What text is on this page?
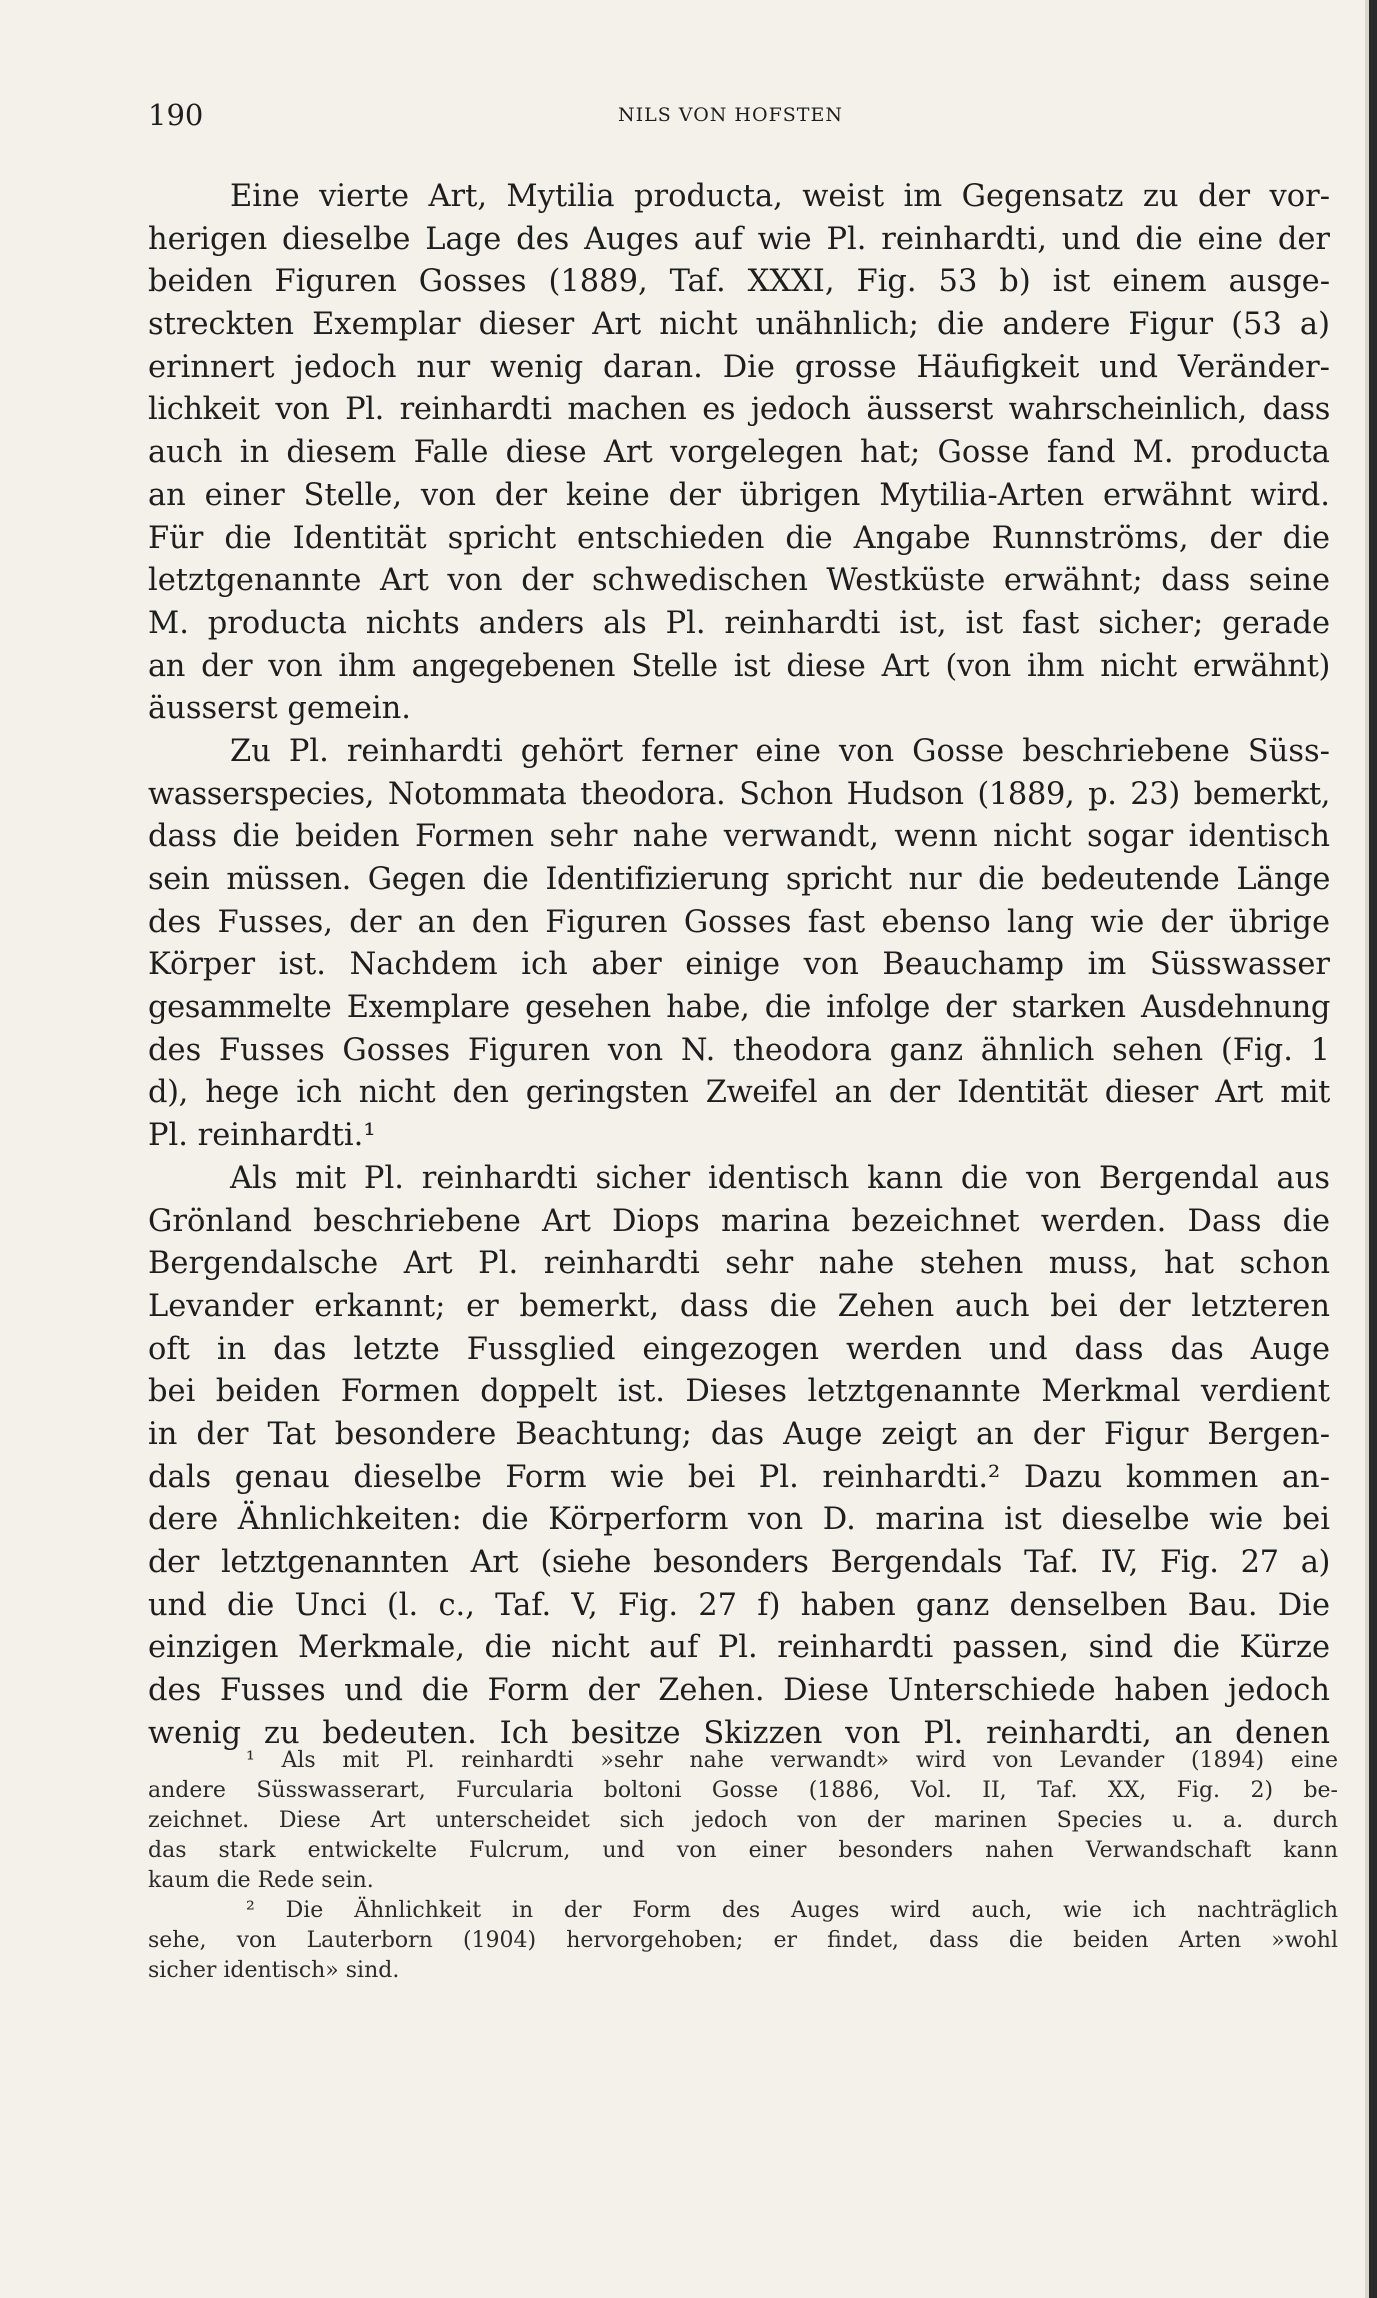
190	NILS VON HOFSTEN
Eine vierte Art, Mytilia producta, weist im Gegensatz zu der vor-
herigen dieselbe Lage des Auges auf wie Pl. reinhardti, und die eine der
beiden Figuren Gosses (1889, Taf. XXXI, Fig. 53 b) ist einem ausge-
streckten Exemplar dieser Art nicht unähnlich; die andere Figur (53 a)
erinnert jedoch nur wenig daran. Die grosse Häufigkeit und Veränder-
lichkeit von Pl. reinhardti machen es jedoch äusserst wahrscheinlich, dass
auch in diesem Falle diese Art vorgelegen hat; Gosse fand M. producta
an einer Stelle, von der keine der übrigen Mytilia-Arten erwähnt wird.
Für die Identität spricht entschieden die Angabe Runnströms, der die
letztgenannte Art von der schwedischen Westküste erwähnt; dass seine
M. producta nichts anders als Pl. reinhardti ist, ist fast sicher; gerade
an der von ihm angegebenen Stelle ist diese Art (von ihm nicht erwähnt)
äusserst gemein.
Zu Pl. reinhardti gehört ferner eine von Gosse beschriebene Süss-
wasserspecies, Notommata theodora. Schon Hudson (1889, p. 23) bemerkt,
dass die beiden Formen sehr nahe verwandt, wenn nicht sogar identisch
sein müssen. Gegen die Identifizierung spricht nur die bedeutende Länge
des Fusses, der an den Figuren Gosses fast ebenso lang wie der übrige
Körper ist. Nachdem ich aber einige von Beauchamp im Süsswasser
gesammelte Exemplare gesehen habe, die infolge der starken Ausdehnung
des Fusses Gosses Figuren von N. theodora ganz ähnlich sehen (Fig. 1
d), hege ich nicht den geringsten Zweifel an der Identität dieser Art mit
Pl. reinhardti.¹
Als mit Pl. reinhardti sicher identisch kann die von Bergendal aus
Grönland beschriebene Art Diops marina bezeichnet werden. Dass die
Bergendalsche Art Pl. reinhardti sehr nahe stehen muss, hat schon
Levander erkannt; er bemerkt, dass die Zehen auch bei der letzteren
oft in das letzte Fussglied eingezogen werden und dass das Auge
bei beiden Formen doppelt ist. Dieses letztgenannte Merkmal verdient
in der Tat besondere Beachtung; das Auge zeigt an der Figur Bergen-
dals genau dieselbe Form wie bei Pl. reinhardti.² Dazu kommen an-
dere Ähnlichkeiten: die Körperform von D. marina ist dieselbe wie bei
der letztgenannten Art (siehe besonders Bergendals Taf. IV, Fig. 27 a)
und die Unci (l. c., Taf. V, Fig. 27 f) haben ganz denselben Bau. Die
einzigen Merkmale, die nicht auf Pl. reinhardti passen, sind die Kürze
des Fusses und die Form der Zehen. Diese Unterschiede haben jedoch
wenig zu bedeuten. Ich besitze Skizzen von Pl. reinhardti, an denen
¹ Als mit Pl. reinhardti »sehr nahe verwandt» wird von Levander (1894) eine
andere Süsswasserart, Furcularia boltoni Gosse (1886, Vol. II, Taf. XX, Fig. 2) be-
zeichnet. Diese Art unterscheidet sich jedoch von der marinen Species u. a. durch
das stark entwickelte Fulcrum, und von einer besonders nahen Verwandschaft kann
kaum die Rede sein.
² Die Ähnlichkeit in der Form des Auges wird auch, wie ich nachträglich
sehe, von Lauterborn (1904) hervorgehoben; er findet, dass die beiden Arten »wohl
sicher identisch» sind.
